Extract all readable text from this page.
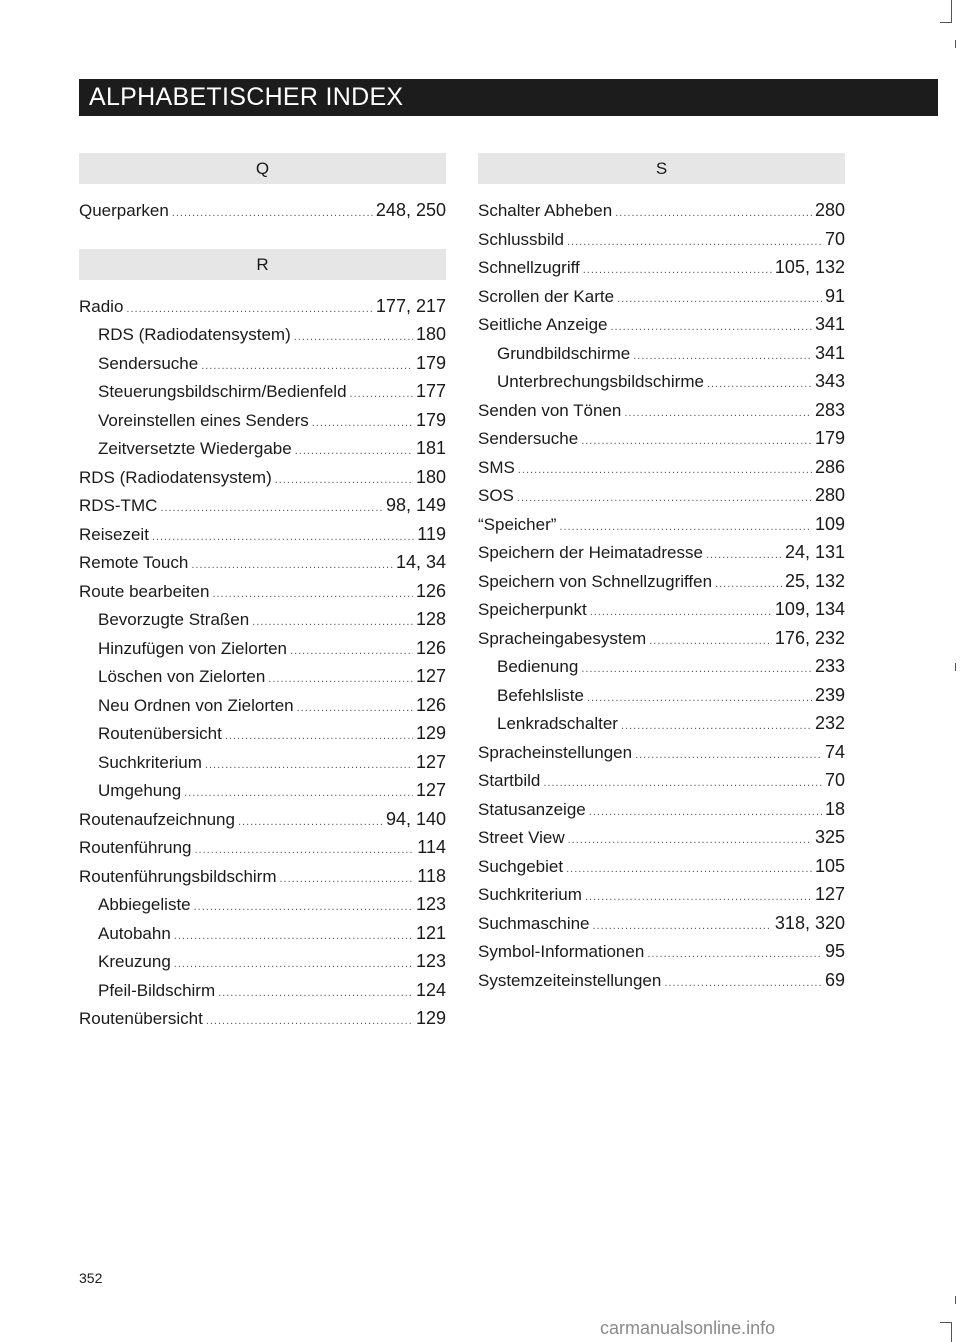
ALPHABETISCHER INDEX
Q
Querparken .....	248, 250
R
Radio .....	177, 217
RDS (Radiodatensystem) .....	180
Sendersuche .....	179
Steuerungsbildschirm/Bedienfeld .....	177
Voreinstellen eines Senders .....	179
Zeitversetzte Wiedergabe .....	181
RDS (Radiodatensystem) .....	180
RDS-TMC .....	98, 149
Reisezeit .....	119
Remote Touch .....	14, 34
Route bearbeiten .....	126
Bevorzugte Straßen .....	128
Hinzufügen von Zielorten .....	126
Löschen von Zielorten .....	127
Neu Ordnen von Zielorten .....	126
Routenübersicht .....	129
Suchkriterium .....	127
Umgehung .....	127
Routenaufzeichnung .....	94, 140
Routenführung .....	114
Routenführungsbildschirm .....	118
Abbiegeliste .....	123
Autobahn .....	121
Kreuzung .....	123
Pfeil-Bildschirm .....	124
Routenübersicht .....	129
S
Schalter Abheben .....	280
Schlussbild .....	70
Schnellzugriff .....	105, 132
Scrollen der Karte .....	91
Seitliche Anzeige .....	341
Grundbildschirme .....	341
Unterbrechungsbildschirme .....	343
Senden von Tönen .....	283
Sendersuche .....	179
SMS .....	286
SOS .....	280
“Speicher” .....	109
Speichern der Heimatadresse .....	24, 131
Speichern von Schnellzugriffen .....	25, 132
Speicherpunkt .....	109, 134
Spracheingabesystem .....	176, 232
Bedienung .....	233
Befehlsliste .....	239
Lenkradschalter .....	232
Spracheinstellungen .....	74
Startbild .....	70
Statusanzeige .....	18
Street View .....	325
Suchgebiet .....	105
Suchkriterium .....	127
Suchmaschine .....	318, 320
Symbol-Informationen .....	95
Systemzeiteinstellungen .....	69
352
carmanualsonline.info
